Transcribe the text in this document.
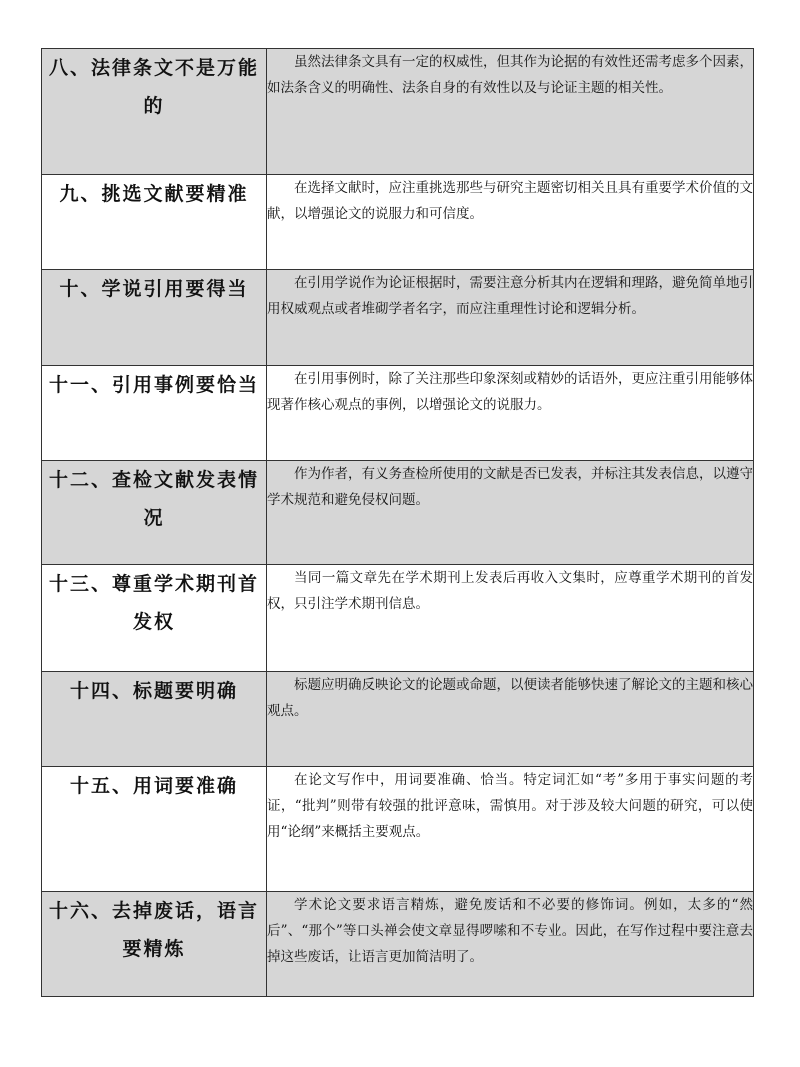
八、法律条文不是万能的	虽然法律条文具有一定的权威性，但其作为论据的有效性还需考虑多个因素，如法条含义的明确性、法条自身的有效性以及与论证主题的相关性。

九、挑选文献要精准	在选择文献时，应注重挑选那些与研究主题密切相关且具有重要学术价值的文献，以增强论文的说服力和可信度。

十、学说引用要得当	在引用学说作为论证根据时，需要注意分析其内在逻辑和理路，避免简单地引用权威观点或者堆砌学者名字，而应注重理性讨论和逻辑分析。

十一、引用事例要恰当	在引用事例时，除了关注那些印象深刻或精妙的话语外，更应注重引用能够体现著作核心观点的事例，以增强论文的说服力。

十二、查检文献发表情况	作为作者，有义务查检所使用的文献是否已发表，并标注其发表信息，以遵守学术规范和避免侵权问题。

十三、尊重学术期刊首发权	当同一篇文章先在学术期刊上发表后再收入文集时，应尊重学术期刊的首发权，只引注学术期刊信息。

十四、标题要明确	标题应明确反映论文的论题或命题，以便读者能够快速了解论文的主题和核心观点。

十五、用词要准确	在论文写作中，用词要准确、恰当。特定词汇如“考”多用于事实问题的考证，“批判”则带有较强的批评意味，需慎用。对于涉及较大问题的研究，可以使用“论纲”来概括主要观点。

十六、去掉废话，语言要精炼	学术论文要求语言精炼，避免废话和不必要的修饰词。例如，太多的“然后”、“那个”等口头禅会使文章显得啰嗦和不专业。因此，在写作过程中要注意去掉这些废话，让语言更加简洁明了。
